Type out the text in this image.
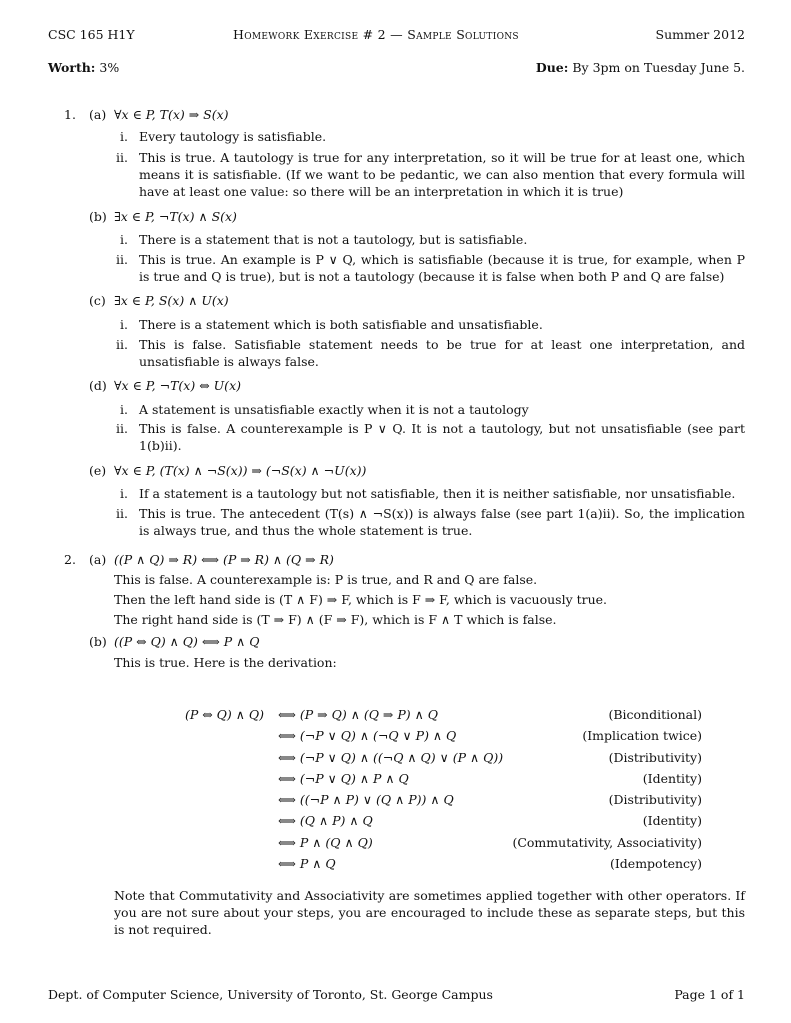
CSC 165 H1Y	Homework Exercise # 2 — Sample Solutions	Summer 2012
Worth: 3%	Due: By 3pm on Tuesday June 5.
1. (a) ∀x ∈ P, T(x) ⇒ S(x)
i. Every tautology is satisfiable.
ii. This is true. A tautology is true for any interpretation, so it will be true for at least one, which means it is satisfiable. (If we want to be pedantic, we can also mention that every formula will have at least one value: so there will be an interpretation in which it is true)
(b) ∃x ∈ P, ¬T(x) ∧ S(x)
i. There is a statement that is not a tautology, but is satisfiable.
ii. This is true. An example is P ∨ Q, which is satisfiable (because it is true, for example, when P is true and Q is true), but is not a tautology (because it is false when both P and Q are false)
(c) ∃x ∈ P, S(x) ∧ U(x)
i. There is a statement which is both satisfiable and unsatisfiable.
ii. This is false. Satisfiable statement needs to be true for at least one interpretation, and unsatisfiable is always false.
(d) ∀x ∈ P, ¬T(x) ⇔ U(x)
i. A statement is unsatisfiable exactly when it is not a tautology
ii. This is false. A counterexample is P ∨ Q. It is not a tautology, but not unsatisfiable (see part 1(b)ii).
(e) ∀x ∈ P, (T(x) ∧ ¬S(x)) ⇒ (¬S(x) ∧ ¬U(x))
i. If a statement is a tautology but not satisfiable, then it is neither satisfiable, nor unsatisfiable.
ii. This is true. The antecedent (T(s) ∧ ¬S(x)) is always false (see part 1(a)ii). So, the implication is always true, and thus the whole statement is true.
2. (a) ((P ∧ Q) ⇒ R) ⟺ (P ⇒ R) ∧ (Q ⇒ R)
This is false. A counterexample is: P is true, and R and Q are false.
Then the left hand side is (T ∧ F) ⇒ F, which is F ⇒ F, which is vacuously true.
The right hand side is (T ⇒ F) ∧ (F ⇒ F), which is F ∧ T which is false.
(b) ((P ⇔ Q) ∧ Q) ⟺ P ∧ Q
This is true. Here is the derivation:
(P ⇔ Q) ∧ Q) ⟺ (P ⇒ Q) ∧ (Q ⇒ P) ∧ Q	(Biconditional)
⟺ (¬P ∨ Q) ∧ (¬Q ∨ P) ∧ Q	(Implication twice)
⟺ (¬P ∨ Q) ∧ ((¬Q ∧ Q) ∨ (P ∧ Q))	(Distributivity)
⟺ (¬P ∨ Q) ∧ P ∧ Q	(Identity)
⟺ ((¬P ∧ P) ∨ (Q ∧ P)) ∧ Q	(Distributivity)
⟺ (Q ∧ P) ∧ Q	(Identity)
⟺ P ∧ (Q ∧ Q)	(Commutativity, Associativity)
⟺ P ∧ Q	(Idempotency)
Note that Commutativity and Associativity are sometimes applied together with other operators. If you are not sure about your steps, you are encouraged to include these as separate steps, but this is not required.
Dept. of Computer Science, University of Toronto, St. George Campus	Page 1 of 1
